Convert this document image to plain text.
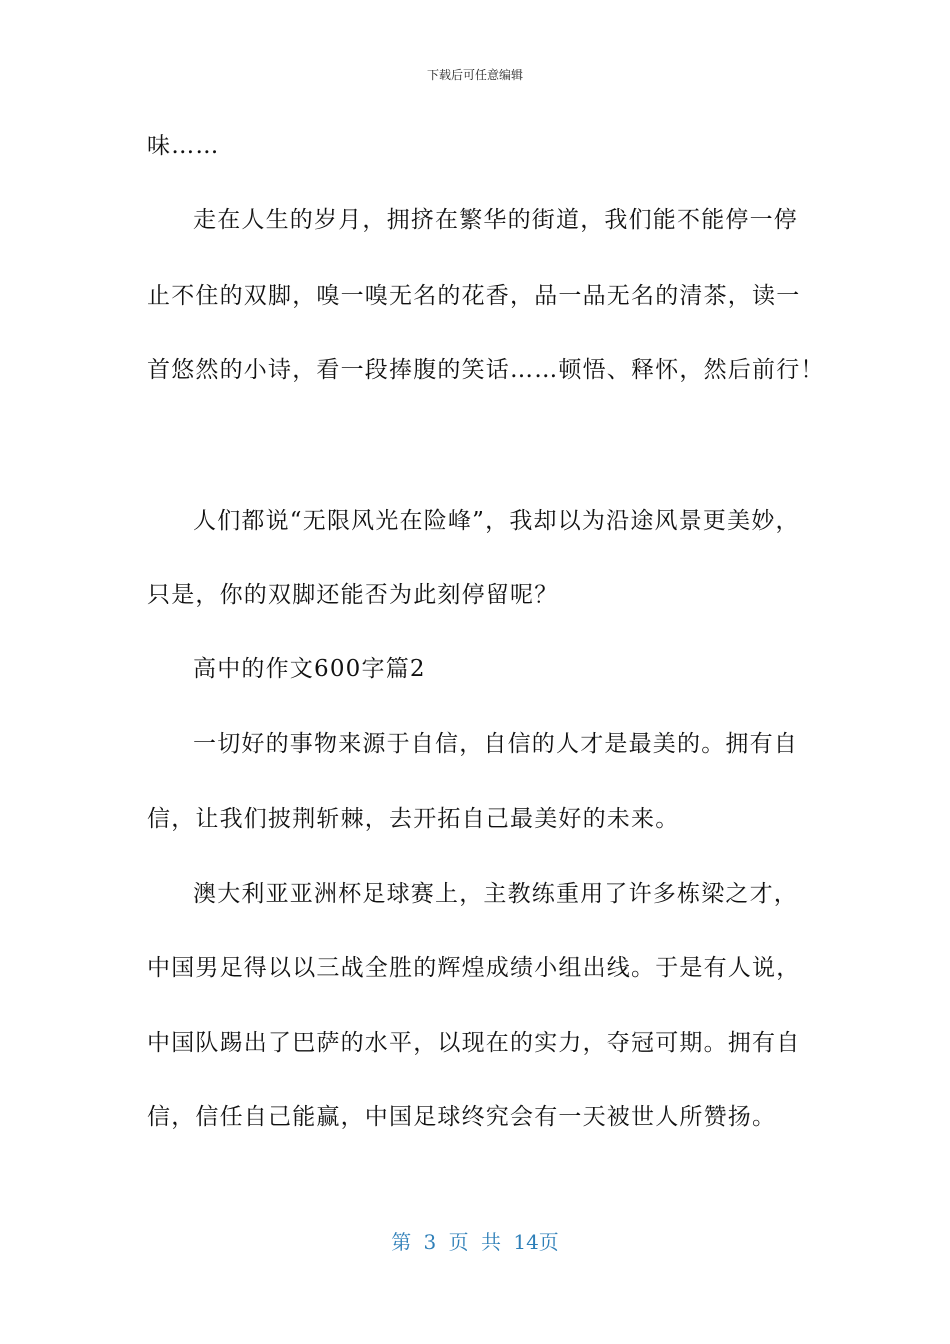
下载后可任意编辑
味……
走在人生的岁月，拥挤在繁华的街道，我们能不能停一停
止不住的双脚，嗅一嗅无名的花香，品一品无名的清茶，读一
首悠然的小诗，看一段捧腹的笑话……顿悟、释怀，然后前行！
人们都说“无限风光在险峰”，我却以为沿途风景更美妙，
只是，你的双脚还能否为此刻停留呢？
高中的作文600字篇2
一切好的事物来源于自信，自信的人才是最美的。拥有自
信，让我们披荆斩棘，去开拓自己最美好的未来。
澳大利亚亚洲杯足球赛上，主教练重用了许多栋梁之才，
中国男足得以以三战全胜的辉煌成绩小组出线。于是有人说，
中国队踢出了巴萨的水平，以现在的实力，夺冠可期。拥有自
信，信任自己能赢，中国足球终究会有一天被世人所赞扬。
第 3 页 共 14页
